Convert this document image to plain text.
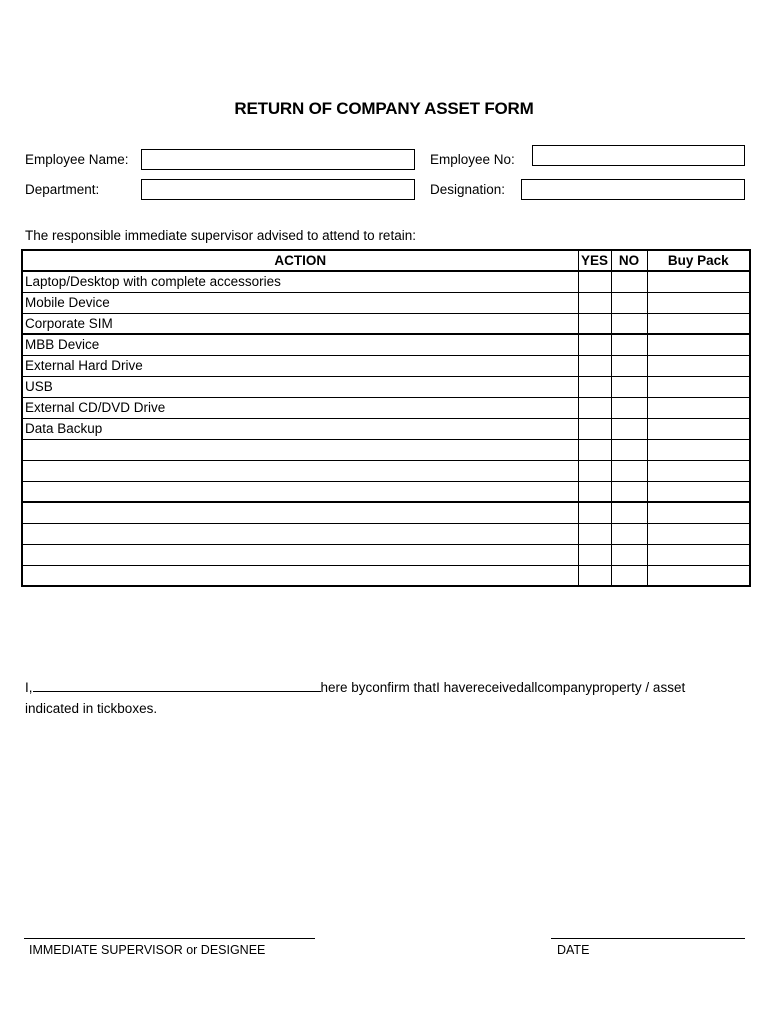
RETURN OF COMPANY ASSET FORM
Employee Name:	Employee No:
Department:	Designation:
The responsible immediate supervisor advised to attend to retain:
ACTION	YES	NO	Buy Pack
Laptop/Desktop with complete accessories			
Mobile Device			
Corporate SIM			
MBB Device			
External Hard Drive			
USB			
External CD/DVD Drive			
Data Backup			

I,	here byconfirm thatI havereceivedallcompanyproperty / asset
indicated in tickboxes.
IMMEDIATE SUPERVISOR or DESIGNEE	DATE
